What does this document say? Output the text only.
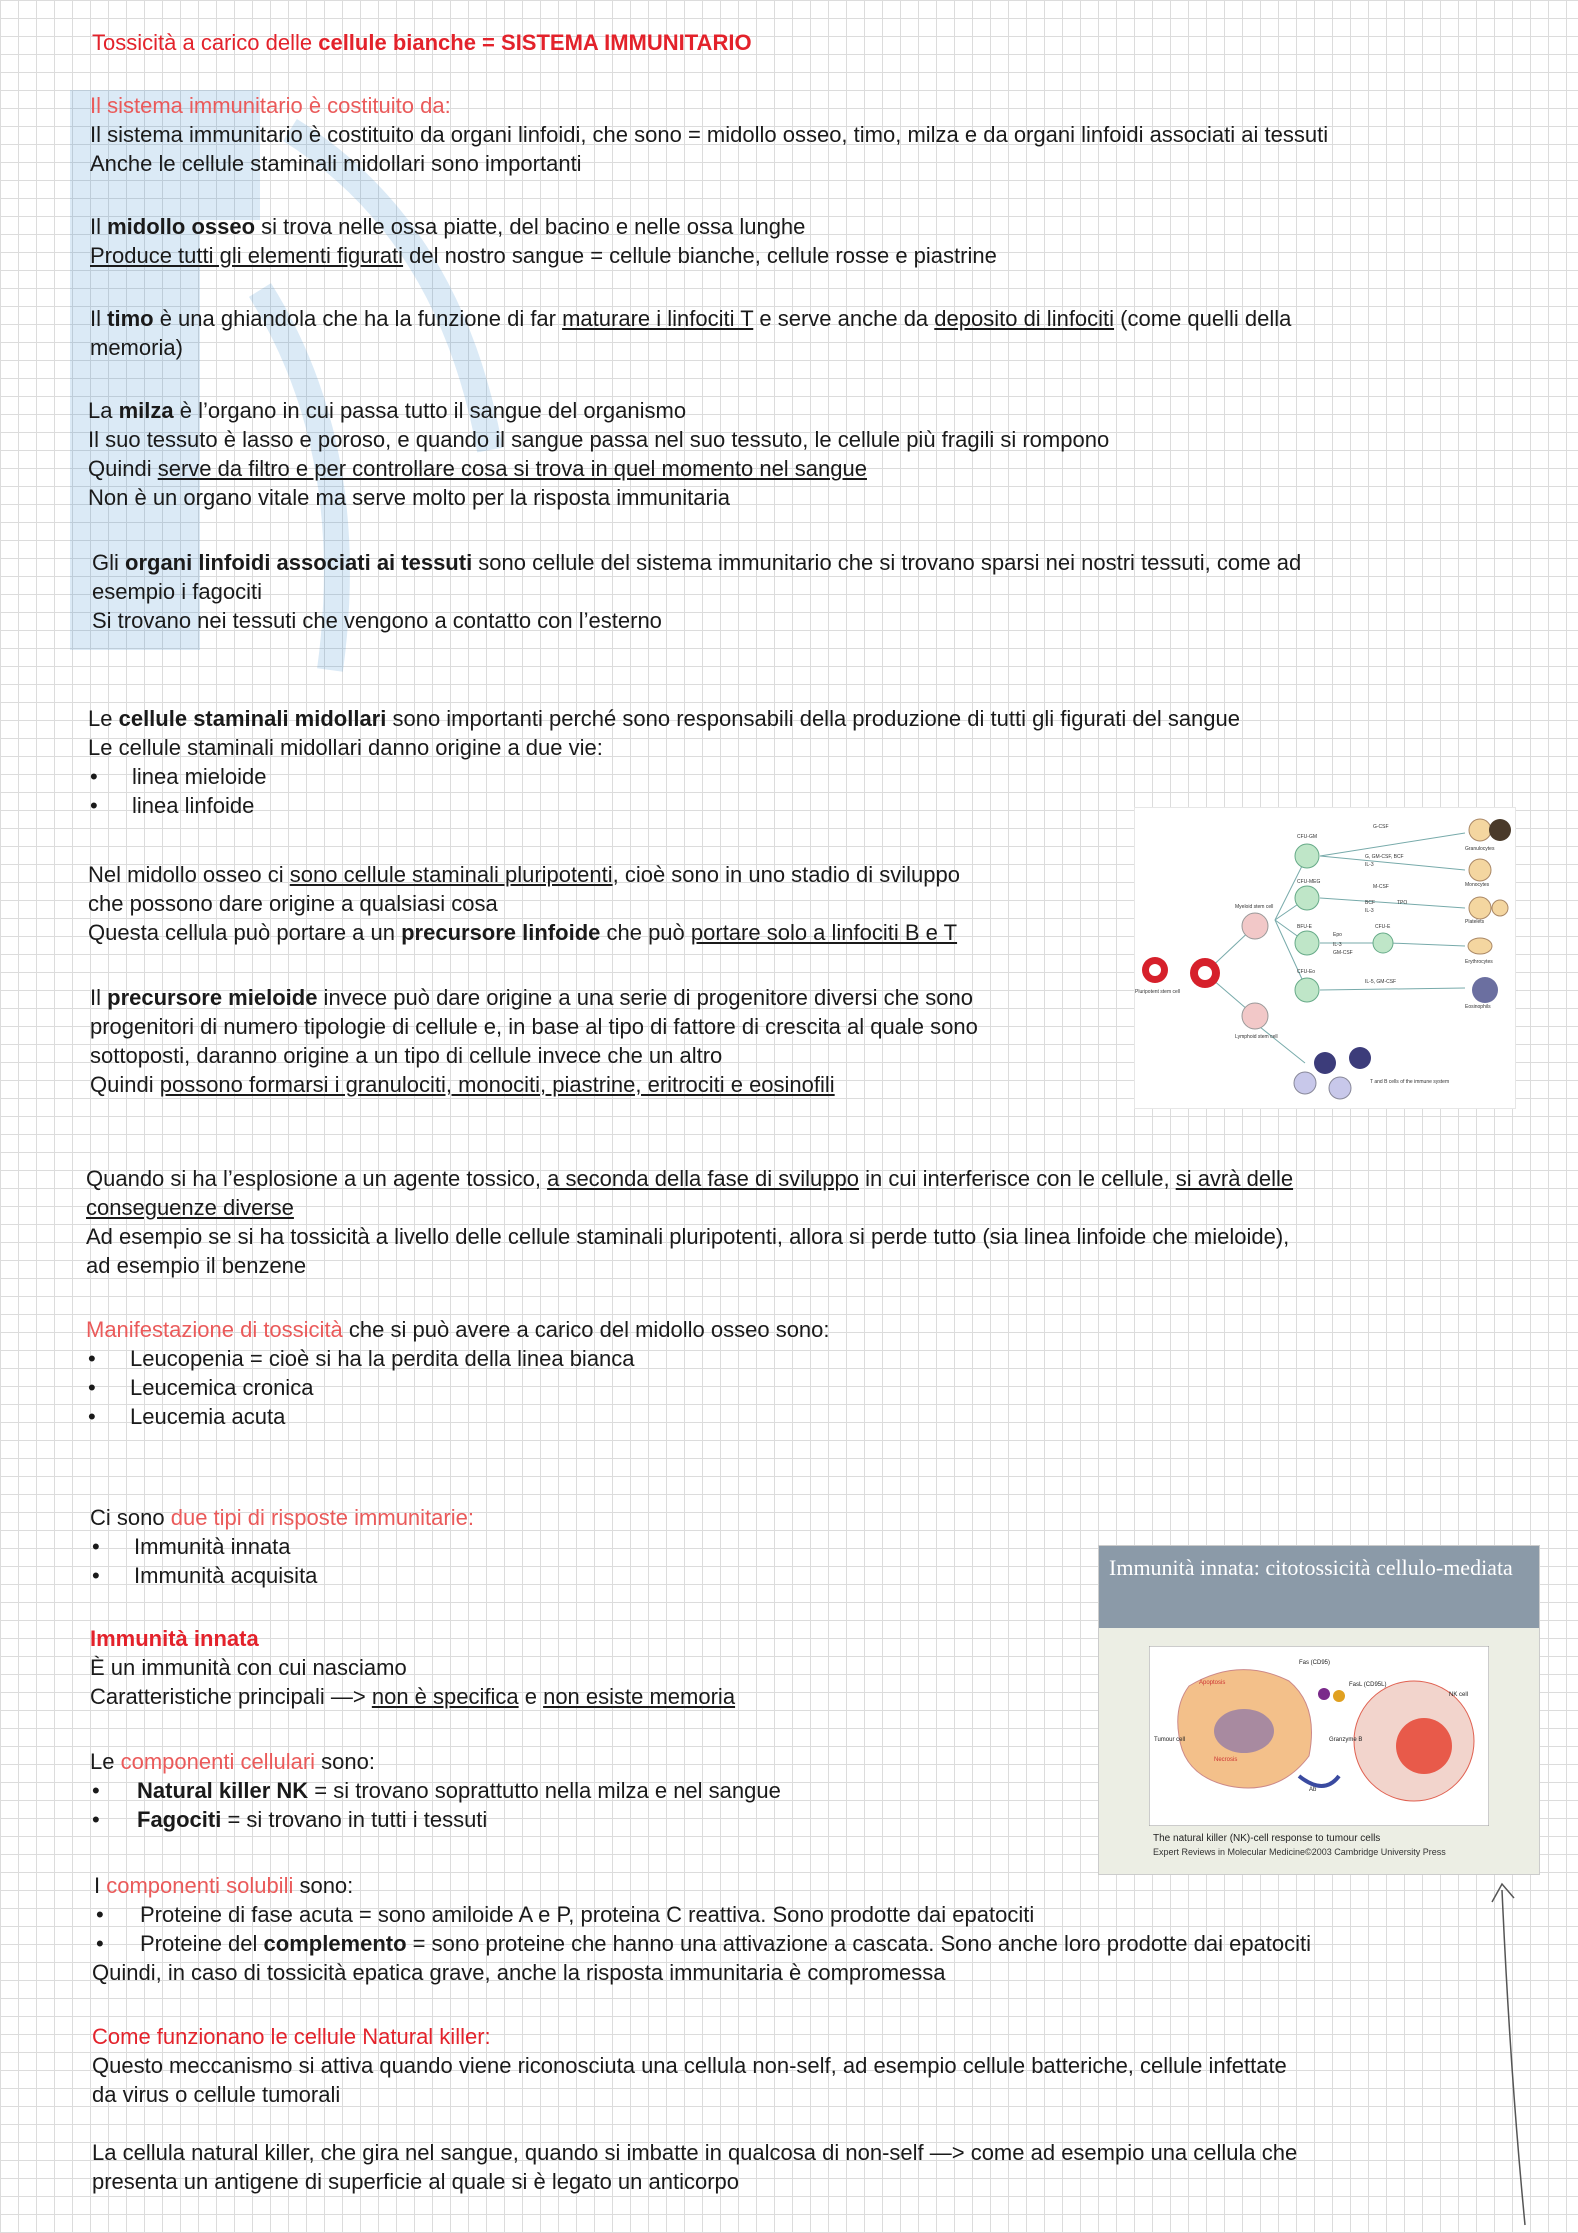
Tossicità a carico delle cellule bianche = SISTEMA IMMUNITARIO
Il sistema immunitario è costituito da:
Il sistema immunitario è costituito da organi linfoidi, che sono = midollo osseo, timo, milza e da organi linfoidi associati ai tessuti
Anche le cellule staminali midollari sono importanti
Il midollo osseo si trova nelle ossa piatte, del bacino e nelle ossa lunghe
Produce tutti gli elementi figurati del nostro sangue = cellule bianche, cellule rosse e piastrine
Il timo è una ghiandola che ha la funzione di far maturare i linfociti T e serve anche da deposito di linfociti (come quelli della
memoria)
La milza è l’organo in cui passa tutto il sangue del organismo
Il suo tessuto è lasso e poroso, e quando il sangue passa nel suo tessuto, le cellule più fragili si rompono
Quindi serve da filtro e per controllare cosa si trova in quel momento nel sangue
Non è un organo vitale ma serve molto per la risposta immunitaria
Gli organi linfoidi associati ai tessuti sono cellule del sistema immunitario che si trovano sparsi nei nostri tessuti, come ad
esempio i fagociti
Si trovano nei tessuti che vengono a contatto con l’esterno
Le cellule staminali midollari sono importanti perché sono responsabili della produzione di tutti gli figurati del sangue
Le cellule staminali midollari danno origine a due vie:
•	linea mieloide
•	linea linfoide
Nel midollo osseo ci sono cellule staminali pluripotenti, cioè sono in uno stadio di sviluppo
che possono dare origine a qualsiasi cosa
Questa cellula può portare a un precursore linfoide che può portare solo a linfociti B e T
Il precursore mieloide invece può dare origine a una serie di progenitore diversi che sono
progenitori di numero tipologie di cellule e, in base al tipo di fattore di crescita al quale sono
sottoposti, daranno origine a un tipo di cellule invece che un altro
Quindi possono formarsi i granulociti, monociti, piastrine, eritrociti e eosinofili
CFU-GM
G-CSF
Granulocytes
G, GM-CSF, BCF
IL-3
M-CSF	Monocytes
Myeloid stem cell
CFU-MEG
BCF	TPO
IL-3
Platelets
BFU-E
Epo
IL-3
CFU-E
GM-CSF
Erythrocytes
CFU-Eo
IL-5, GM-CSF
Eosinophils
Lymphoid stem cell
Pluripotent stem cell
T and B cells of the immune system
Quando si ha l’esplosione a un agente tossico, a seconda della fase di sviluppo in cui interferisce con le cellule, si avrà delle
conseguenze diverse
Ad esempio se si ha tossicità a livello delle cellule staminali pluripotenti, allora si perde tutto (sia linea linfoide che mieloide),
ad esempio il benzene
Manifestazione di tossicità che si può avere a carico del midollo osseo sono:
•	Leucopenia = cioè si ha la perdita della linea bianca
•	Leucemica cronica
•	Leucemia acuta
Ci sono due tipi di risposte immunitarie:
•	Immunità innata
•	Immunità acquisita
Immunità innata
È un immunità con cui nasciamo
Caratteristiche principali —> non è specifica e non esiste memoria
Le componenti cellulari sono:
•	Natural killer NK = si trovano soprattutto nella milza e nel sangue
•	Fagociti = si trovano in tutti i tessuti
Immunità innata: citotossicità cellulo-mediata
Fas (CD95)
FasL (CD95L)
NK cell
Apoptosis
Tumour cell
Necrosis
Granzyme B
Ab
The natural killer (NK)-cell response to tumour cells
Expert Reviews in Molecular Medicine©2003 Cambridge University Press
I componenti solubili sono:
•	Proteine di fase acuta = sono amiloide A e P, proteina C reattiva. Sono prodotte dai epatociti
•	Proteine del complemento = sono proteine che hanno una attivazione a cascata. Sono anche loro prodotte dai epatociti
Quindi, in caso di tossicità epatica grave, anche la risposta immunitaria è compromessa
Come funzionano le cellule Natural killer:
Questo meccanismo si attiva quando viene riconosciuta una cellula non-self, ad esempio cellule batteriche, cellule infettate
da virus o cellule tumorali
La cellula natural killer, che gira nel sangue, quando si imbatte in qualcosa di non-self —> come ad esempio una cellula che
presenta un antigene di superficie al quale si è legato un anticorpo
